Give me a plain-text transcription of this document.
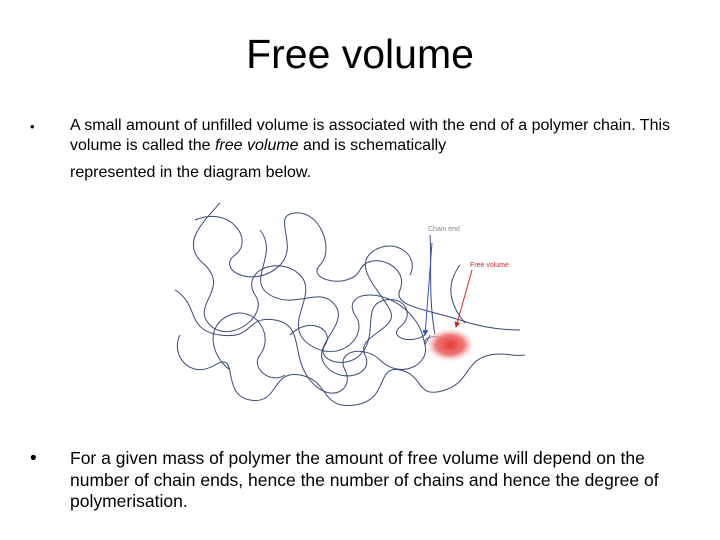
Free volume
• A small amount of unfilled volume is associated with the end of a polymer chain. This volume is called the free volume and is schematically
represented in the diagram below.
Chain end
Free volume
• For a given mass of polymer the amount of free volume will depend on the number of chain ends, hence the number of chains and hence the degree of polymerisation.
